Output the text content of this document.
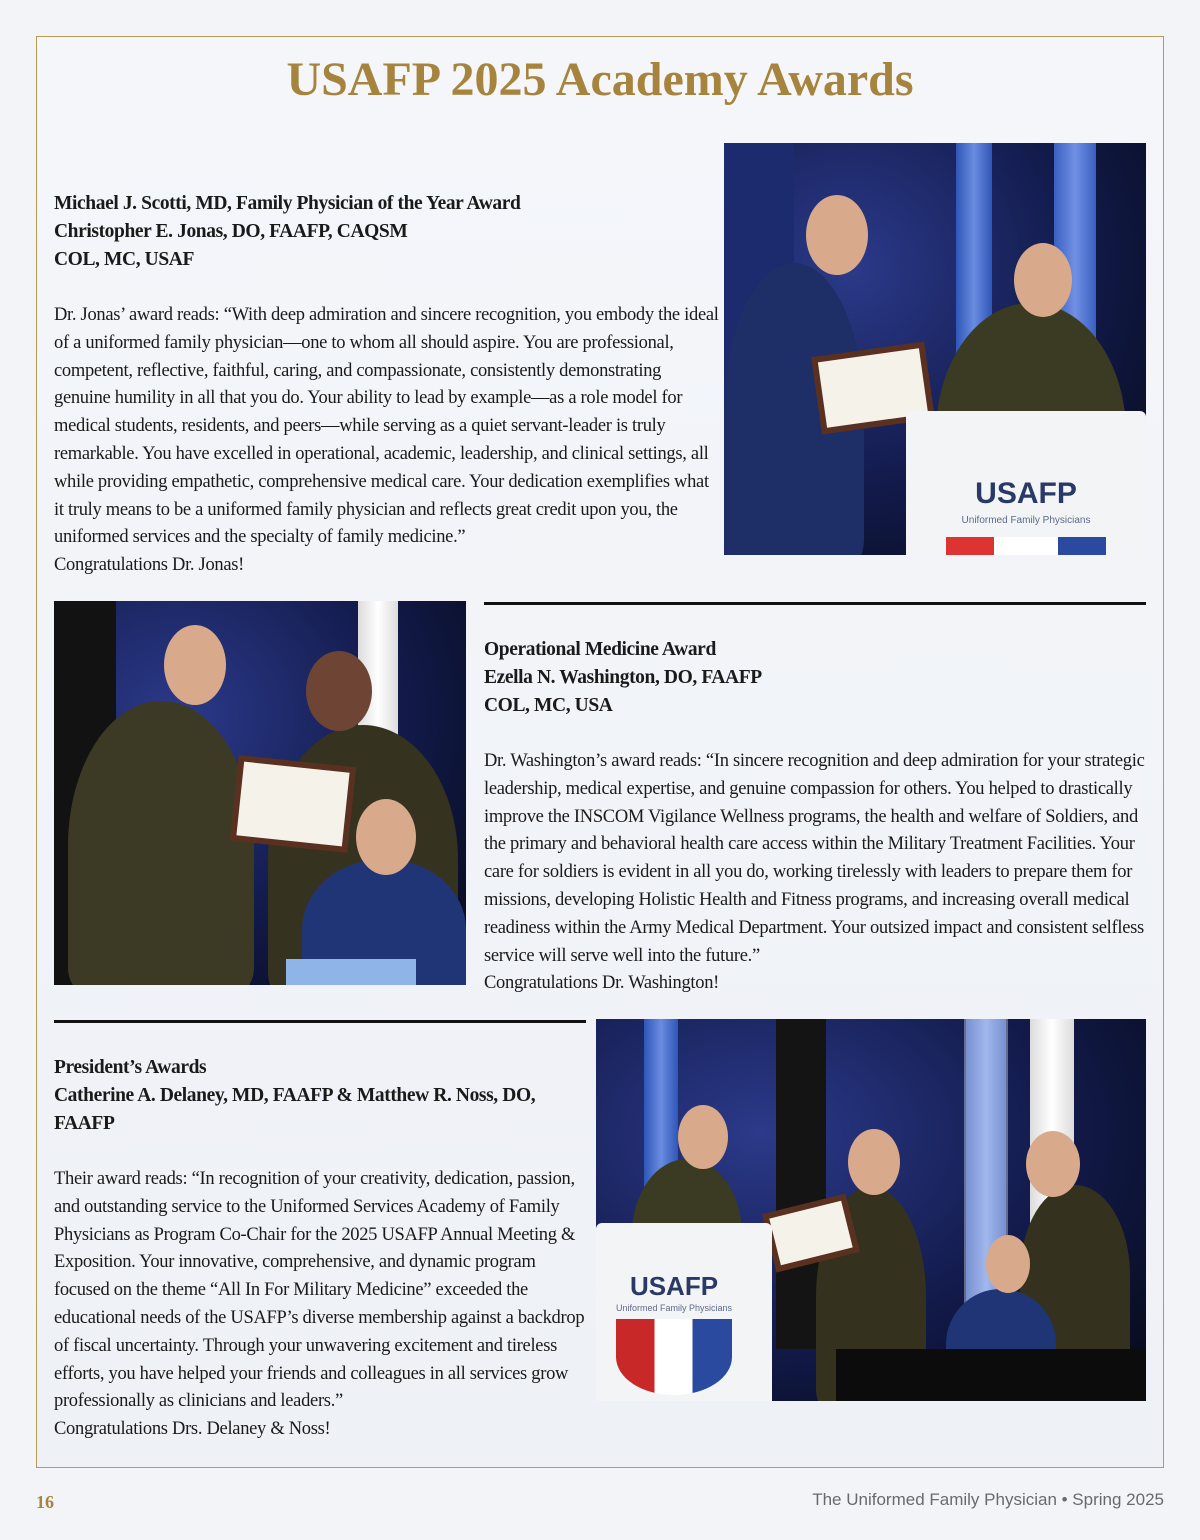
USAFP 2025 Academy Awards
Michael J. Scotti, MD, Family Physician of the Year Award
Christopher E. Jonas, DO, FAAFP, CAQSM
COL, MC, USAF
Dr. Jonas’ award reads: “With deep admiration and sincere recognition, you embody the ideal of a uniformed family physician—one to whom all should aspire. You are professional, competent, reflective, faithful, caring, and compassionate, consistently demonstrating genuine humility in all that you do. Your ability to lead by example—as a role model for medical students, residents, and peers—while serving as a quiet servant-leader is truly remarkable. You have excelled in operational, academic, leadership, and clinical settings, all while providing empathetic, comprehensive medical care. Your dedication exemplifies what it truly means to be a uniformed family physician and reflects great credit upon you, the uniformed services and the specialty of family medicine.”
Congratulations Dr. Jonas!
USAFP
Uniformed Family Physicians
Operational Medicine Award
Ezella N. Washington, DO, FAAFP
COL, MC, USA
Dr. Washington’s award reads: “In sincere recognition and deep admiration for your strategic leadership, medical expertise, and genuine compassion for others. You helped to drastically improve the INSCOM Vigilance Wellness programs, the health and welfare of Soldiers, and the primary and behavioral health care access within the Military Treatment Facilities. Your care for soldiers is evident in all you do, working tirelessly with leaders to prepare them for missions, developing Holistic Health and Fitness programs, and increasing overall medical readiness within the Army Medical Department. Your outsized impact and consistent selfless service will serve well into the future.”
Congratulations Dr. Washington!
President’s Awards
Catherine A. Delaney, MD, FAAFP & Matthew R. Noss, DO,
FAAFP
Their award reads: “In recognition of your creativity, dedication, passion, and outstanding service to the Uniformed Services Academy of Family Physicians as Program Co-Chair for the 2025 USAFP Annual Meeting & Exposition. Your innovative, comprehensive, and dynamic program focused on the theme “All In For Military Medicine” exceeded the educational needs of the USAFP’s diverse membership against a backdrop of fiscal uncertainty. Through your unwavering excitement and tireless efforts, you have helped your friends and colleagues in all services grow professionally as clinicians and leaders.”
Congratulations Drs. Delaney & Noss!
USAFP
Uniformed Family Physicians
16	The Uniformed Family Physician • Spring 2025
